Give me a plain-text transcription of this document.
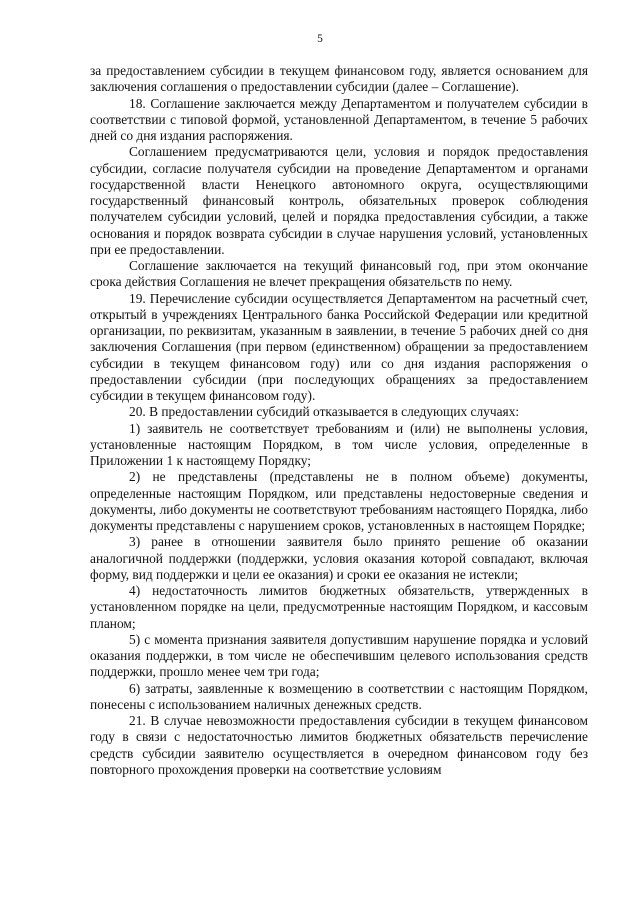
5

за предоставлением субсидии в текущем финансовом году, является основанием для заключения соглашения о предоставлении субсидии (далее – Соглашение).

18. Соглашение заключается между Департаментом и получателем субсидии в соответствии с типовой формой, установленной Департаментом, в течение 5 рабочих дней со дня издания распоряжения.

Соглашением предусматриваются цели, условия и порядок предоставления субсидии, согласие получателя субсидии на проведение Департаментом и органами государственной власти Ненецкого автономного округа, осуществляющими государственный финансовый контроль, обязательных проверок соблюдения получателем субсидии условий, целей и порядка предоставления субсидии, а также основания и порядок возврата субсидии в случае нарушения условий, установленных при ее предоставлении.

Соглашение заключается на текущий финансовый год, при этом окончание срока действия Соглашения не влечет прекращения обязательств по нему.

19. Перечисление субсидии осуществляется Департаментом на расчетный счет, открытый в учреждениях Центрального банка Российской Федерации или кредитной организации, по реквизитам, указанным в заявлении, в течение 5 рабочих дней со дня заключения Соглашения (при первом (единственном) обращении за предоставлением субсидии в текущем финансовом году) или со дня издания распоряжения о предоставлении субсидии (при последующих обращениях за предоставлением субсидии в текущем финансовом году).

20. В предоставлении субсидий отказывается в следующих случаях:

1) заявитель не соответствует требованиям и (или) не выполнены условия, установленные настоящим Порядком, в том числе условия, определенные в Приложении 1 к настоящему Порядку;

2) не представлены (представлены не в полном объеме) документы, определенные настоящим Порядком, или представлены недостоверные сведения и документы, либо документы не соответствуют требованиям настоящего Порядка, либо документы представлены с нарушением сроков, установленных в настоящем Порядке;

3) ранее в отношении заявителя было принято решение об оказании аналогичной поддержки (поддержки, условия оказания которой совпадают, включая форму, вид поддержки и цели ее оказания) и сроки ее оказания не истекли;

4) недостаточность лимитов бюджетных обязательств, утвержденных в установленном порядке на цели, предусмотренные настоящим Порядком, и кассовым планом;

5) с момента признания заявителя допустившим нарушение порядка и условий оказания поддержки, в том числе не обеспечившим целевого использования средств поддержки, прошло менее чем три года;

6) затраты, заявленные к возмещению в соответствии с настоящим Порядком, понесены с использованием наличных денежных средств.

21. В случае невозможности предоставления субсидии в текущем финансовом году в связи с недостаточностью лимитов бюджетных обязательств перечисление средств субсидии заявителю осуществляется в очередном финансовом году без повторного прохождения проверки на соответствие условиям
